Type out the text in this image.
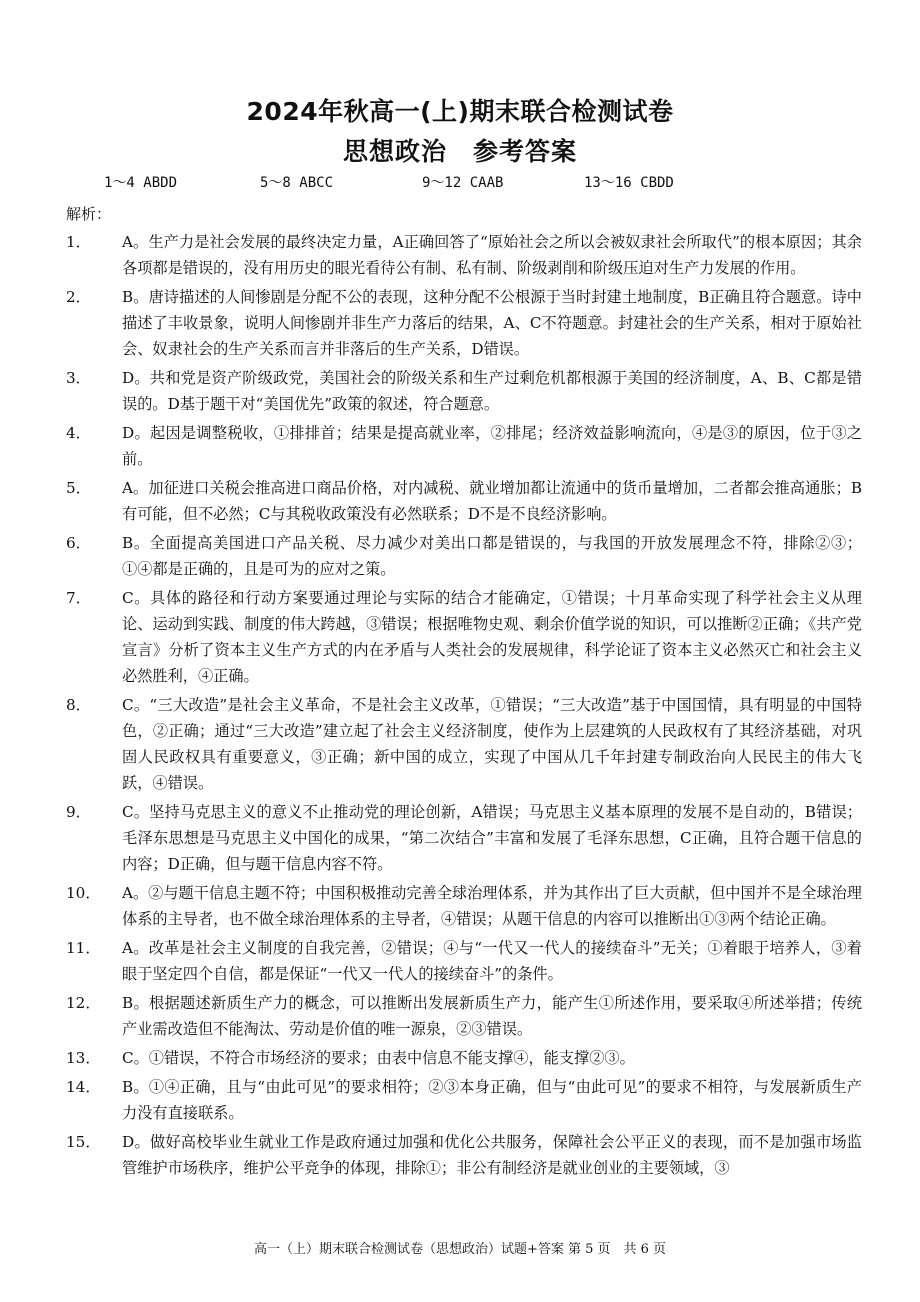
2024年秋高一(上)期末联合检测试卷
思想政治　参考答案
1～4 ABDD	5～8 ABCC	9～12 CAAB	13～16 CBDD
解析：
1．	A。生产力是社会发展的最终决定力量，A正确回答了“原始社会之所以会被奴隶社会所取代”的根本原因；其余各项都是错误的，没有用历史的眼光看待公有制、私有制、阶级剥削和阶级压迫对生产力发展的作用。
2．	B。唐诗描述的人间惨剧是分配不公的表现，这种分配不公根源于当时封建土地制度，B正确且符合题意。诗中描述了丰收景象，说明人间惨剧并非生产力落后的结果，A、C不符题意。封建社会的生产关系，相对于原始社会、奴隶社会的生产关系而言并非落后的生产关系，D错误。
3．	D。共和党是资产阶级政党，美国社会的阶级关系和生产过剩危机都根源于美国的经济制度，A、B、C都是错误的。D基于题干对“美国优先”政策的叙述，符合题意。
4．	D。起因是调整税收，①排排首；结果是提高就业率，②排尾；经济效益影响流向，④是③的原因，位于③之前。
5．	A。加征进口关税会推高进口商品价格，对内减税、就业增加都让流通中的货币量增加，二者都会推高通胀；B有可能，但不必然；C与其税收政策没有必然联系；D不是不良经济影响。
6．	B。全面提高美国进口产品关税、尽力减少对美出口都是错误的，与我国的开放发展理念不符，排除②③；①④都是正确的，且是可为的应对之策。
7．	C。具体的路径和行动方案要通过理论与实际的结合才能确定，①错误；十月革命实现了科学社会主义从理论、运动到实践、制度的伟大跨越，③错误；根据唯物史观、剩余价值学说的知识，可以推断②正确；《共产党宣言》分析了资本主义生产方式的内在矛盾与人类社会的发展规律，科学论证了资本主义必然灭亡和社会主义必然胜利，④正确。
8．	C。“三大改造”是社会主义革命，不是社会主义改革，①错误；“三大改造”基于中国国情，具有明显的中国特色，②正确；通过“三大改造”建立起了社会主义经济制度，使作为上层建筑的人民政权有了其经济基础，对巩固人民政权具有重要意义，③正确；新中国的成立，实现了中国从几千年封建专制政治向人民民主的伟大飞跃，④错误。
9．	C。坚持马克思主义的意义不止推动党的理论创新，A错误；马克思主义基本原理的发展不是自动的，B错误；毛泽东思想是马克思主义中国化的成果，“第二次结合”丰富和发展了毛泽东思想，C正确，且符合题干信息的内容；D正确，但与题干信息内容不符。
10．	A。②与题干信息主题不符；中国积极推动完善全球治理体系，并为其作出了巨大贡献，但中国并不是全球治理体系的主导者，也不做全球治理体系的主导者，④错误；从题干信息的内容可以推断出①③两个结论正确。
11．	A。改革是社会主义制度的自我完善，②错误；④与“一代又一代人的接续奋斗”无关；①着眼于培养人，③着眼于坚定四个自信，都是保证“一代又一代人的接续奋斗”的条件。
12．	B。根据题述新质生产力的概念，可以推断出发展新质生产力，能产生①所述作用，要采取④所述举措；传统产业需改造但不能淘汰、劳动是价值的唯一源泉，②③错误。
13．	C。①错误，不符合市场经济的要求；由表中信息不能支撑④，能支撑②③。
14．	B。①④正确，且与“由此可见”的要求相符；②③本身正确，但与“由此可见”的要求不相符，与发展新质生产力没有直接联系。
15．	D。做好高校毕业生就业工作是政府通过加强和优化公共服务，保障社会公平正义的表现，而不是加强市场监管维护市场秩序，维护公平竞争的体现，排除①；非公有制经济是就业创业的主要领域，③
高一（上）期末联合检测试卷（思想政治）试题+答案 第 5 页　共 6 页
